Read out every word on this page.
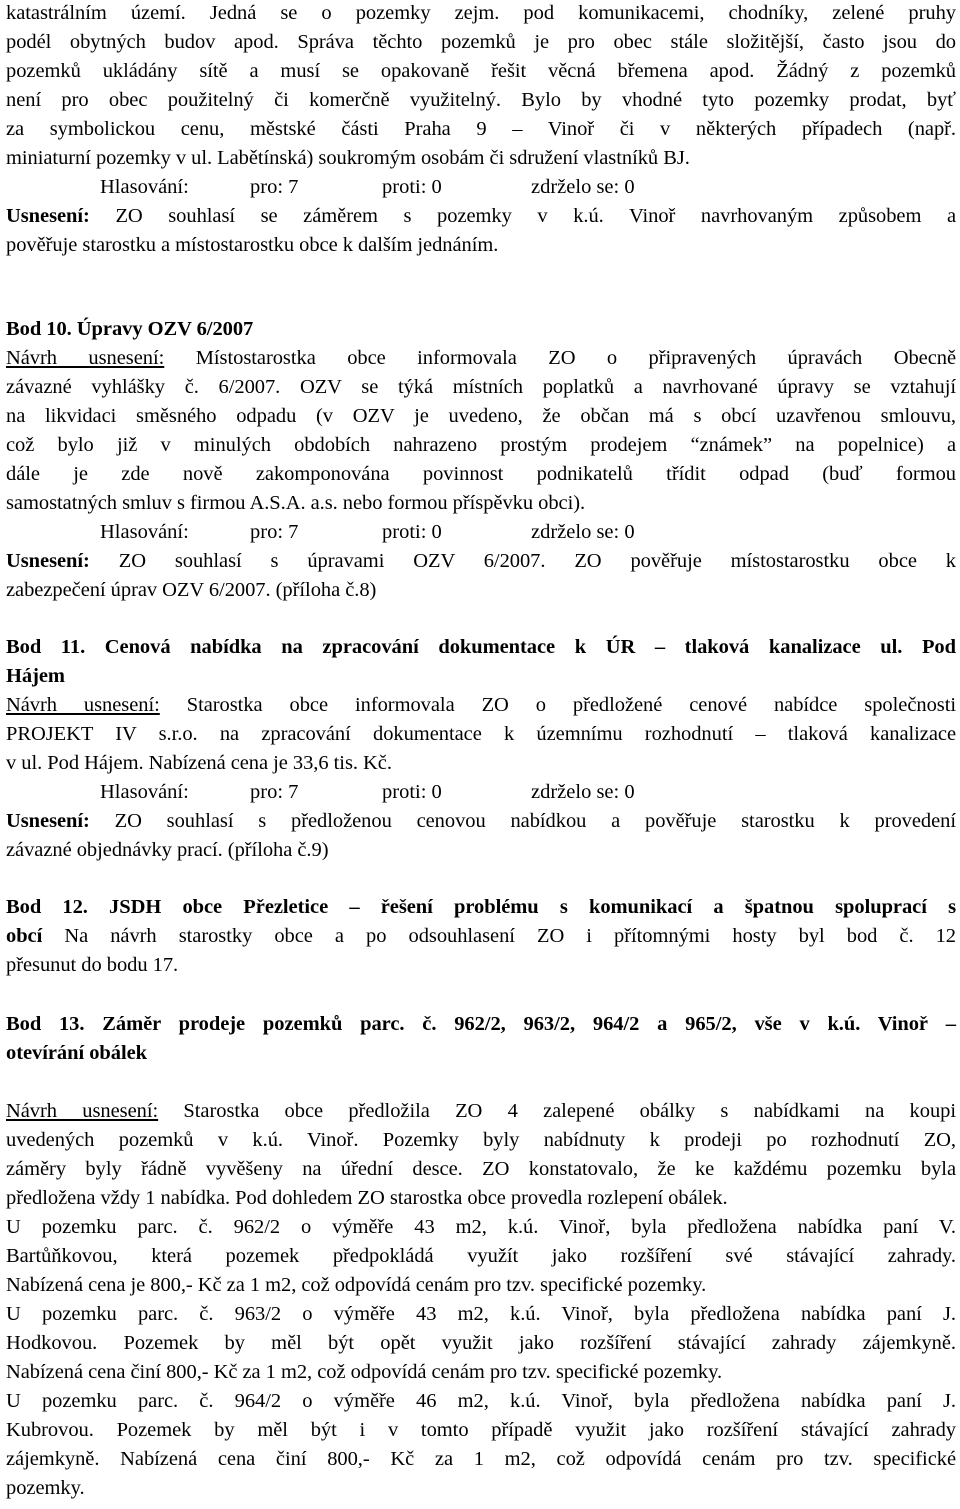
katastrálním území. Jedná se o pozemky zejm. pod komunikacemi, chodníky, zelené pruhy
podél obytných budov apod. Správa těchto pozemků je pro obec stále složitější, často jsou do
pozemků ukládány sítě a musí se opakovaně řešit věcná břemena apod. Žádný z pozemků
není pro obec použitelný či komerčně využitelný. Bylo by vhodné tyto pozemky prodat, byť
za symbolickou cenu, městské části Praha 9 – Vinoř či v některých případech (např.
miniaturní pozemky v ul. Labětínská) soukromým osobám či sdružení vlastníků BJ.
Hlasování:	pro: 7	proti: 0	zdrželo se: 0
Usnesení: ZO souhlasí se záměrem s pozemky v k.ú. Vinoř navrhovaným způsobem a
pověřuje starostku a místostarostku obce k dalším jednáním.
Bod 10. Úpravy OZV 6/2007
Návrh usnesení: Místostarostka obce informovala ZO o připravených úpravách Obecně
závazné vyhlášky č. 6/2007. OZV se týká místních poplatků a navrhované úpravy se vztahují
na likvidaci směsného odpadu (v OZV je uvedeno, že občan má s obcí uzavřenou smlouvu,
což bylo již v minulých obdobích nahrazeno prostým prodejem “známek” na popelnice) a
dále je zde nově zakomponována povinnost podnikatelů třídit odpad (buď formou
samostatných smluv s firmou A.S.A. a.s. nebo formou příspěvku obci).
Hlasování:	pro: 7	proti: 0	zdrželo se: 0
Usnesení: ZO souhlasí s úpravami OZV 6/2007. ZO pověřuje místostarostku obce k
zabezpečení úprav OZV 6/2007. (příloha č.8)
Bod 11. Cenová nabídka na zpracování dokumentace k ÚR – tlaková kanalizace ul. Pod
Hájem
Návrh usnesení: Starostka obce informovala ZO o předložené cenové nabídce společnosti
PROJEKT IV s.r.o. na zpracování dokumentace k územnímu rozhodnutí – tlaková kanalizace
v ul. Pod Hájem. Nabízená cena je 33,6 tis. Kč.
Hlasování:	pro: 7	proti: 0	zdrželo se: 0
Usnesení: ZO souhlasí s předloženou cenovou nabídkou a pověřuje starostku k provedení
závazné objednávky prací. (příloha č.9)
Bod 12. JSDH obce Přezletice – řešení problému s komunikací a špatnou spoluprací s
obcí Na návrh starostky obce a po odsouhlasení ZO i přítomnými hosty byl bod č. 12
přesunut do bodu 17.
Bod 13. Záměr prodeje pozemků parc. č. 962/2, 963/2, 964/2 a 965/2, vše v k.ú. Vinoř –
otevírání obálek
Návrh usnesení: Starostka obce předložila ZO 4 zalepené obálky s nabídkami na koupi
uvedených pozemků v k.ú. Vinoř. Pozemky byly nabídnuty k prodeji po rozhodnutí ZO,
záměry byly řádně vyvěšeny na úřední desce. ZO konstatovalo, že ke každému pozemku byla
předložena vždy 1 nabídka. Pod dohledem ZO starostka obce provedla rozlepení obálek.
U pozemku parc. č. 962/2 o výměře 43 m2, k.ú. Vinoř, byla předložena nabídka paní V.
Bartůňkovou, která pozemek předpokládá využít jako rozšíření své stávající zahrady.
Nabízená cena je 800,- Kč za 1 m2, což odpovídá cenám pro tzv. specifické pozemky.
U pozemku parc. č. 963/2 o výměře 43 m2, k.ú. Vinoř, byla předložena nabídka paní J.
Hodkovou. Pozemek by měl být opět využit jako rozšíření stávající zahrady zájemkyně.
Nabízená cena činí 800,- Kč za 1 m2, což odpovídá cenám pro tzv. specifické pozemky.
U pozemku parc. č. 964/2 o výměře 46 m2, k.ú. Vinoř, byla předložena nabídka paní J.
Kubrovou. Pozemek by měl být i v tomto případě využit jako rozšíření stávající zahrady
zájemkyně. Nabízená cena činí 800,- Kč za 1 m2, což odpovídá cenám pro tzv. specifické
pozemky.
